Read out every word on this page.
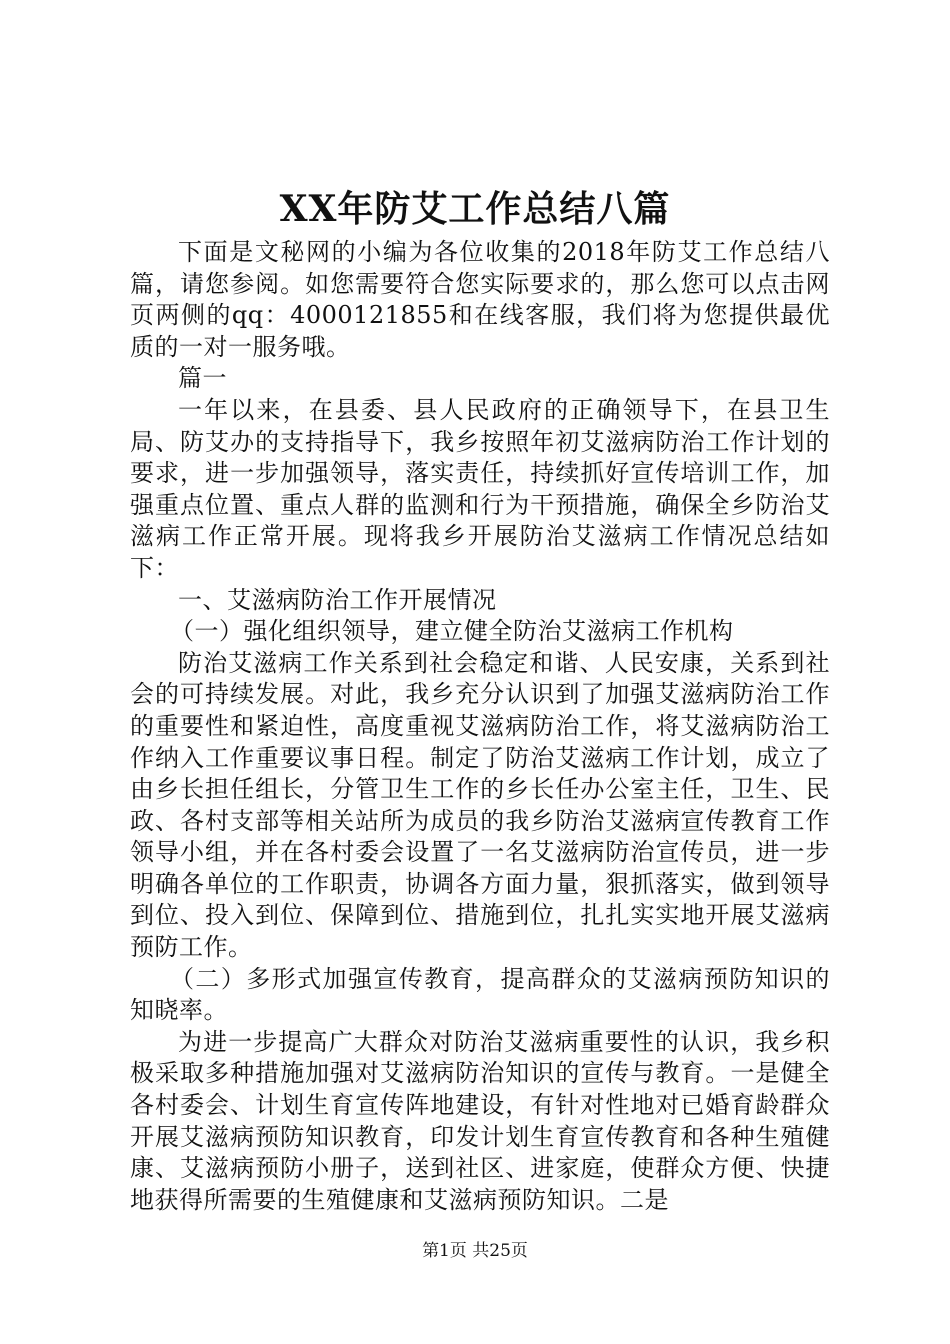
XX年防艾工作总结八篇

下面是文秘网的小编为各位收集的2018年防艾工作总结八篇，请您参阅。如您需要符合您实际要求的，那么您可以点击网页两侧的qq：4000121855和在线客服，我们将为您提供最优质的一对一服务哦。

篇一

一年以来，在县委、县人民政府的正确领导下，在县卫生局、防艾办的支持指导下，我乡按照年初艾滋病防治工作计划的要求，进一步加强领导，落实责任，持续抓好宣传培训工作，加强重点位置、重点人群的监测和行为干预措施，确保全乡防治艾滋病工作正常开展。现将我乡开展防治艾滋病工作情况总结如下：

一、艾滋病防治工作开展情况

（一）强化组织领导，建立健全防治艾滋病工作机构

防治艾滋病工作关系到社会稳定和谐、人民安康，关系到社会的可持续发展。对此，我乡充分认识到了加强艾滋病防治工作的重要性和紧迫性，高度重视艾滋病防治工作，将艾滋病防治工作纳入工作重要议事日程。制定了防治艾滋病工作计划，成立了由乡长担任组长，分管卫生工作的乡长任办公室主任，卫生、民政、各村支部等相关站所为成员的我乡防治艾滋病宣传教育工作领导小组，并在各村委会设置了一名艾滋病防治宣传员，进一步明确各单位的工作职责，协调各方面力量，狠抓落实，做到领导到位、投入到位、保障到位、措施到位，扎扎实实地开展艾滋病预防工作。

（二）多形式加强宣传教育，提高群众的艾滋病预防知识的知晓率。

为进一步提高广大群众对防治艾滋病重要性的认识，我乡积极采取多种措施加强对艾滋病防治知识的宣传与教育。一是健全各村委会、计划生育宣传阵地建设，有针对性地对已婚育龄群众开展艾滋病预防知识教育，印发计划生育宣传教育和各种生殖健康、艾滋病预防小册子，送到社区、进家庭，使群众方便、快捷地获得所需要的生殖健康和艾滋病预防知识。二是

第1页 共25页
